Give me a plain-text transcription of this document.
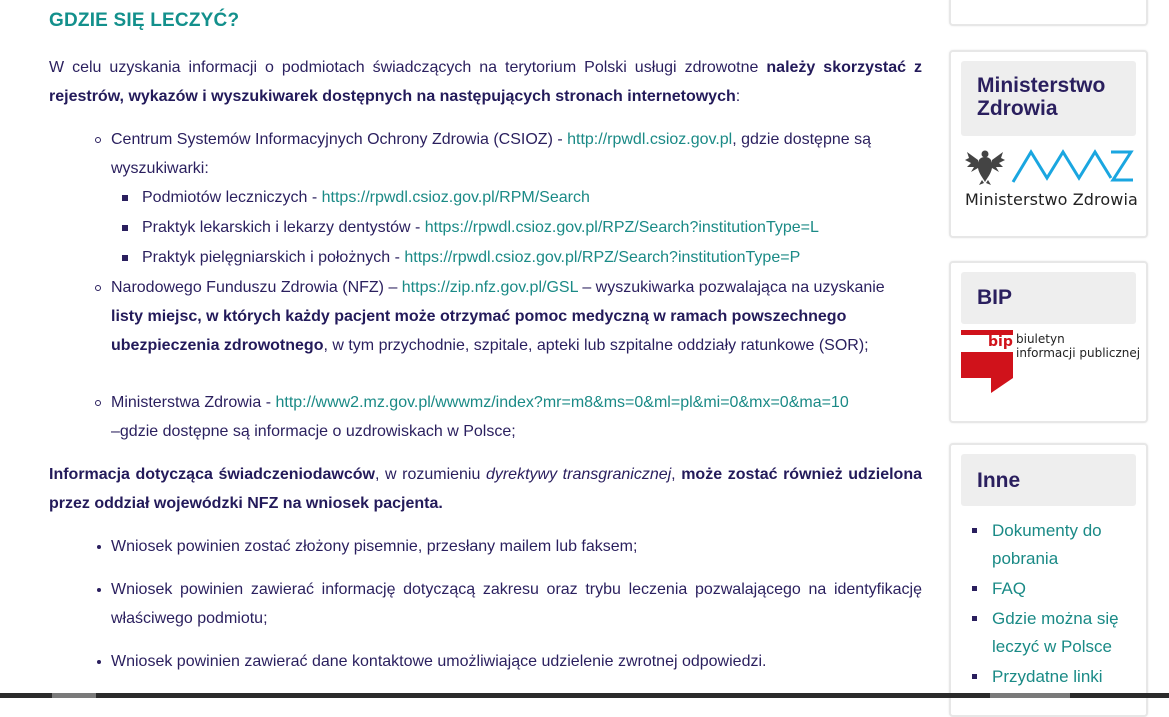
GDZIE SIĘ LECZYĆ?
W celu uzyskania informacji o podmiotach świadczących na terytorium Polski usługi zdrowotne należy skorzystać z rejestrów, wykazów i wyszukiwarek dostępnych na następujących stronach internetowych:
Centrum Systemów Informacyjnych Ochrony Zdrowia (CSIOZ) - http://rpwdl.csioz.gov.pl, gdzie dostępne są wyszukiwarki:
Podmiotów leczniczych - https://rpwdl.csioz.gov.pl/RPM/Search
Praktyk lekarskich i lekarzy dentystów - https://rpwdl.csioz.gov.pl/RPZ/Search?institutionType=L
Praktyk pielęgniarskich i położnych - https://rpwdl.csioz.gov.pl/RPZ/Search?institutionType=P
Narodowego Funduszu Zdrowia (NFZ) – https://zip.nfz.gov.pl/GSL – wyszukiwarka pozwalająca na uzyskanie listy miejsc, w których każdy pacjent może otrzymać pomoc medyczną w ramach powszechnego ubezpieczenia zdrowotnego, w tym przychodnie, szpitale, apteki lub szpitalne oddziały ratunkowe (SOR);
Ministerstwa Zdrowia - http://www2.mz.gov.pl/wwwmz/index?mr=m8&ms=0&ml=pl&mi=0&mx=0&ma=10
–gdzie dostępne są informacje o uzdrowiskach w Polsce;
Informacja dotycząca świadczeniodawców, w rozumieniu dyrektywy transgranicznej, może zostać również udzielona przez oddział wojewódzki NFZ na wniosek pacjenta.
Wniosek powinien zostać złożony pisemnie, przesłany mailem lub faksem;
Wniosek powinien zawierać informację dotyczącą zakresu oraz trybu leczenia pozwalającego na identyfikację właściwego podmiotu;
Wniosek powinien zawierać dane kontaktowe umożliwiające udzielenie zwrotnej odpowiedzi.
Ministerstwo Zdrowia
Ministerstwo Zdrowia
BIP
bip biuletyn
informacji publicznej
Inne
Dokumenty do pobrania
FAQ
Gdzie można się leczyć w Polsce
Przydatne linki
